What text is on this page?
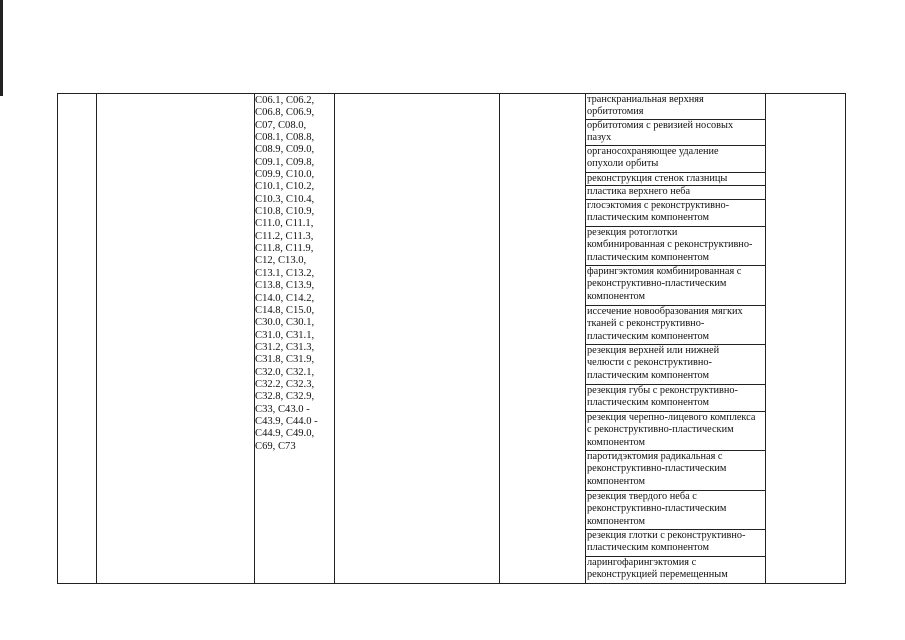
C06.1, C06.2,
C06.8, C06.9,
C07, C08.0,
C08.1, C08.8,
C08.9, C09.0,
C09.1, C09.8,
C09.9, C10.0,
C10.1, C10.2,
C10.3, C10.4,
C10.8, C10.9,
C11.0, C11.1,
C11.2, C11.3,
C11.8, C11.9,
C12, C13.0,
C13.1, C13.2,
C13.8, C13.9,
C14.0, C14.2,
C14.8, C15.0,
C30.0, C30.1,
C31.0, C31.1,
C31.2, C31.3,
C31.8, C31.9,
C32.0, C32.1,
C32.2, C32.3,
C32.8, C32.9,
C33, C43.0 -
C43.9, C44.0 -
C44.9, C49.0,
C69, C73
транскраниальная верхняя
орбитотомия
орбитотомия с ревизией носовых
пазух
органосохраняющее удаление
опухоли орбиты
реконструкция стенок глазницы
пластика верхнего неба
глосэктомия с реконструктивно-
пластическим компонентом
резекция ротоглотки
комбинированная с реконструктивно-
пластическим компонентом
фарингэктомия комбинированная с
реконструктивно-пластическим
компонентом
иссечение новообразования мягких
тканей с реконструктивно-
пластическим компонентом
резекция верхней или нижней
челюсти с реконструктивно-
пластическим компонентом
резекция губы с реконструктивно-
пластическим компонентом
резекция черепно-лицевого комплекса
с реконструктивно-пластическим
компонентом
паротидэктомия радикальная с
реконструктивно-пластическим
компонентом
резекция твердого неба с
реконструктивно-пластическим
компонентом
резекция глотки с реконструктивно-
пластическим компонентом
ларингофарингэктомия с
реконструкцией перемещенным
